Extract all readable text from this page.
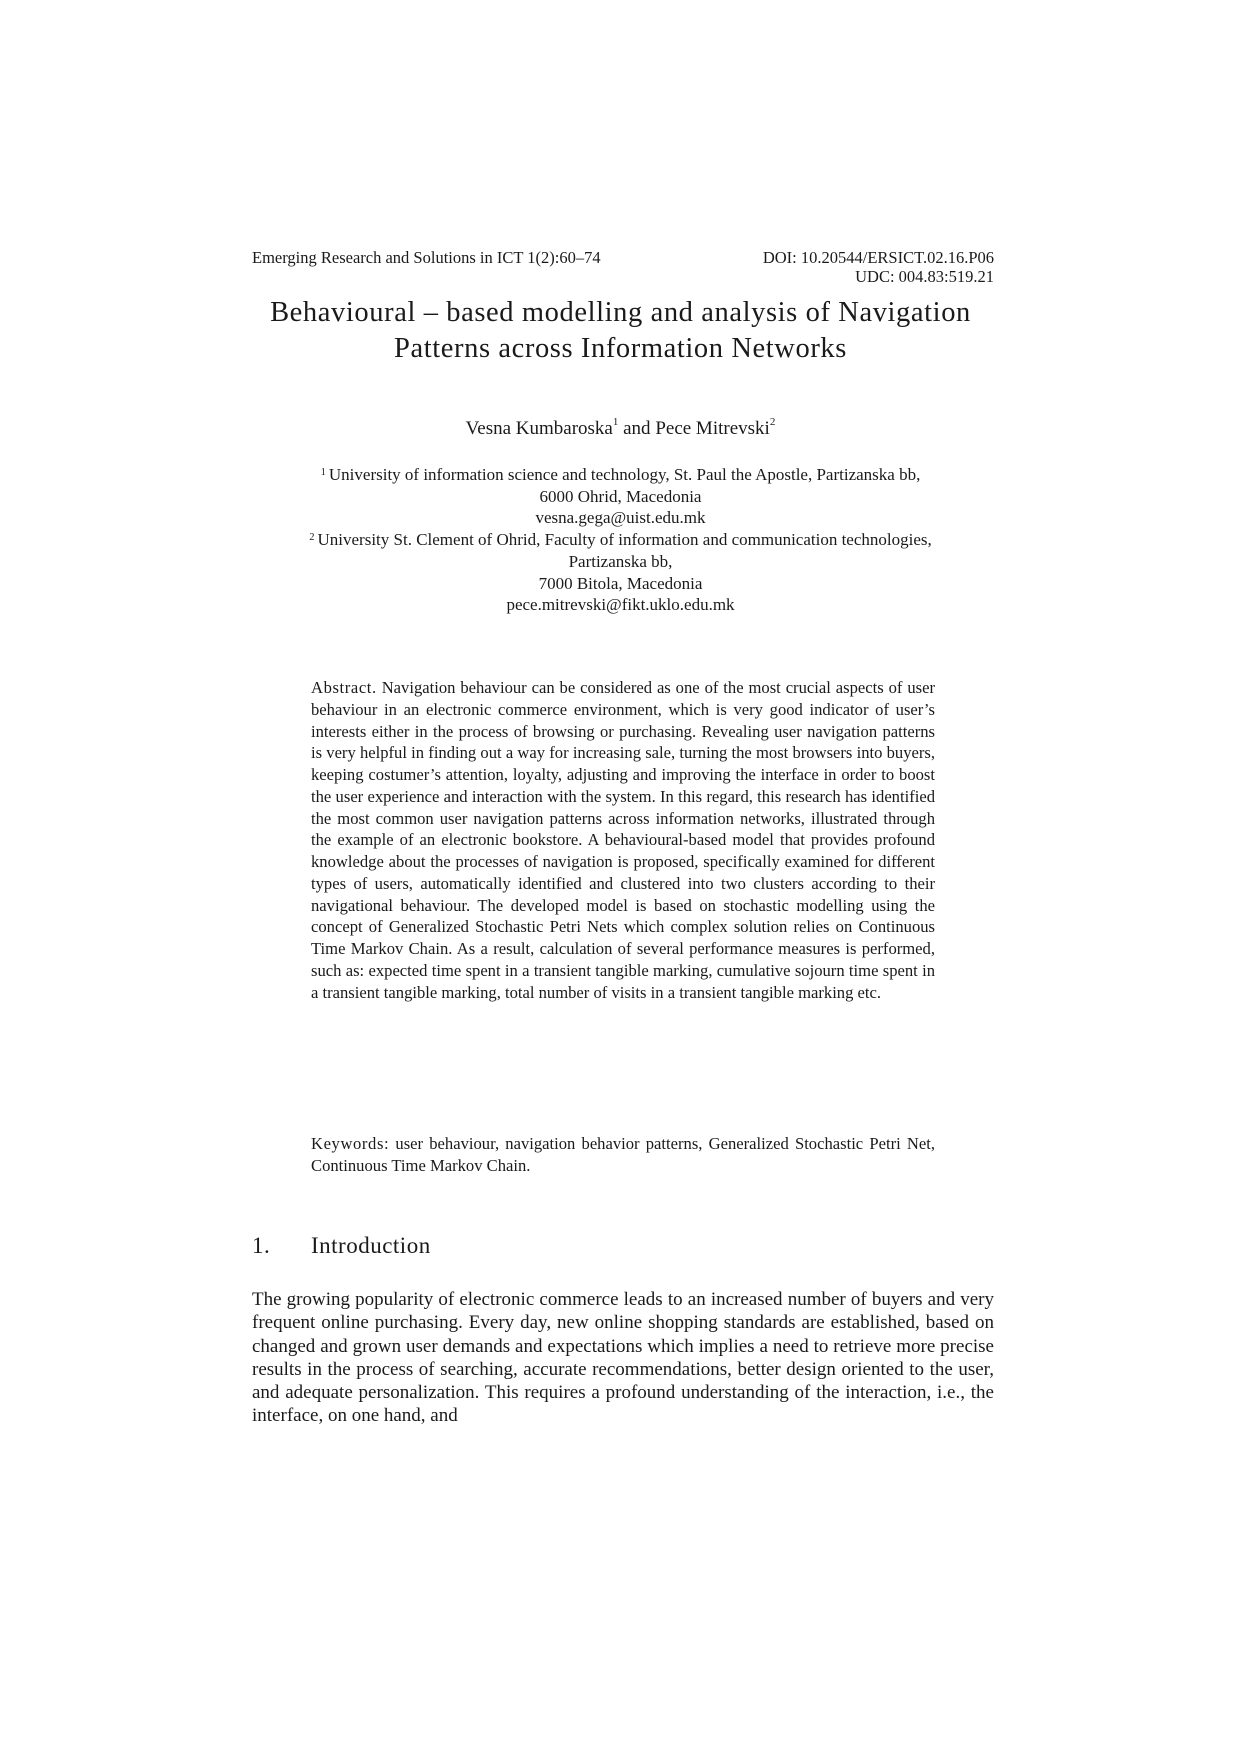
Emerging Research and Solutions in ICT 1(2):60–74	DOI: 10.20544/ERSICT.02.16.P06
UDC: 004.83:519.21
Behavioural – based modelling and analysis of Navigation
Patterns across Information Networks
Vesna Kumbaroska$^1$ and Pece Mitrevski$^2$
$^1$ University of information science and technology, St. Paul the Apostle, Partizanska bb,
6000 Ohrid, Macedonia
vesna.gega@uist.edu.mk
$^2$ University St. Clement of Ohrid, Faculty of information and communication technologies,
Partizanska bb,
7000 Bitola, Macedonia
pece.mitrevski@fikt.uklo.edu.mk
Abstract. Navigation behaviour can be considered as one of the most crucial aspects of user behaviour in an electronic commerce environment, which is very good indicator of user’s interests either in the process of browsing or purchasing. Revealing user navigation patterns is very helpful in finding out a way for increasing sale, turning the most browsers into buyers, keeping costumer’s attention, loyalty, adjusting and improving the interface in order to boost the user experience and interaction with the system. In this regard, this research has identified the most common user navigation patterns across information networks, illustrated through the example of an electronic bookstore. A behavioural-based model that provides profound knowledge about the processes of navigation is proposed, specifically examined for different types of users, automatically identified and clustered into two clusters according to their navigational behaviour. The developed model is based on stochastic modelling using the concept of Generalized Stochastic Petri Nets which complex solution relies on Continuous Time Markov Chain. As a result, calculation of several performance measures is performed, such as: expected time spent in a transient tangible marking, cumulative sojourn time spent in a transient tangible marking, total number of visits in a transient tangible marking etc.
Keywords: user behaviour, navigation behavior patterns, Generalized Stochastic Petri Net, Continuous Time Markov Chain.
1. Introduction
The growing popularity of electronic commerce leads to an increased number of buyers and very frequent online purchasing. Every day, new online shopping standards are established, based on changed and grown user demands and expectations which implies a need to retrieve more precise results in the process of searching, accurate recommendations, better design oriented to the user, and adequate personalization. This requires a profound understanding of the interaction, i.e., the interface, on one hand, and
